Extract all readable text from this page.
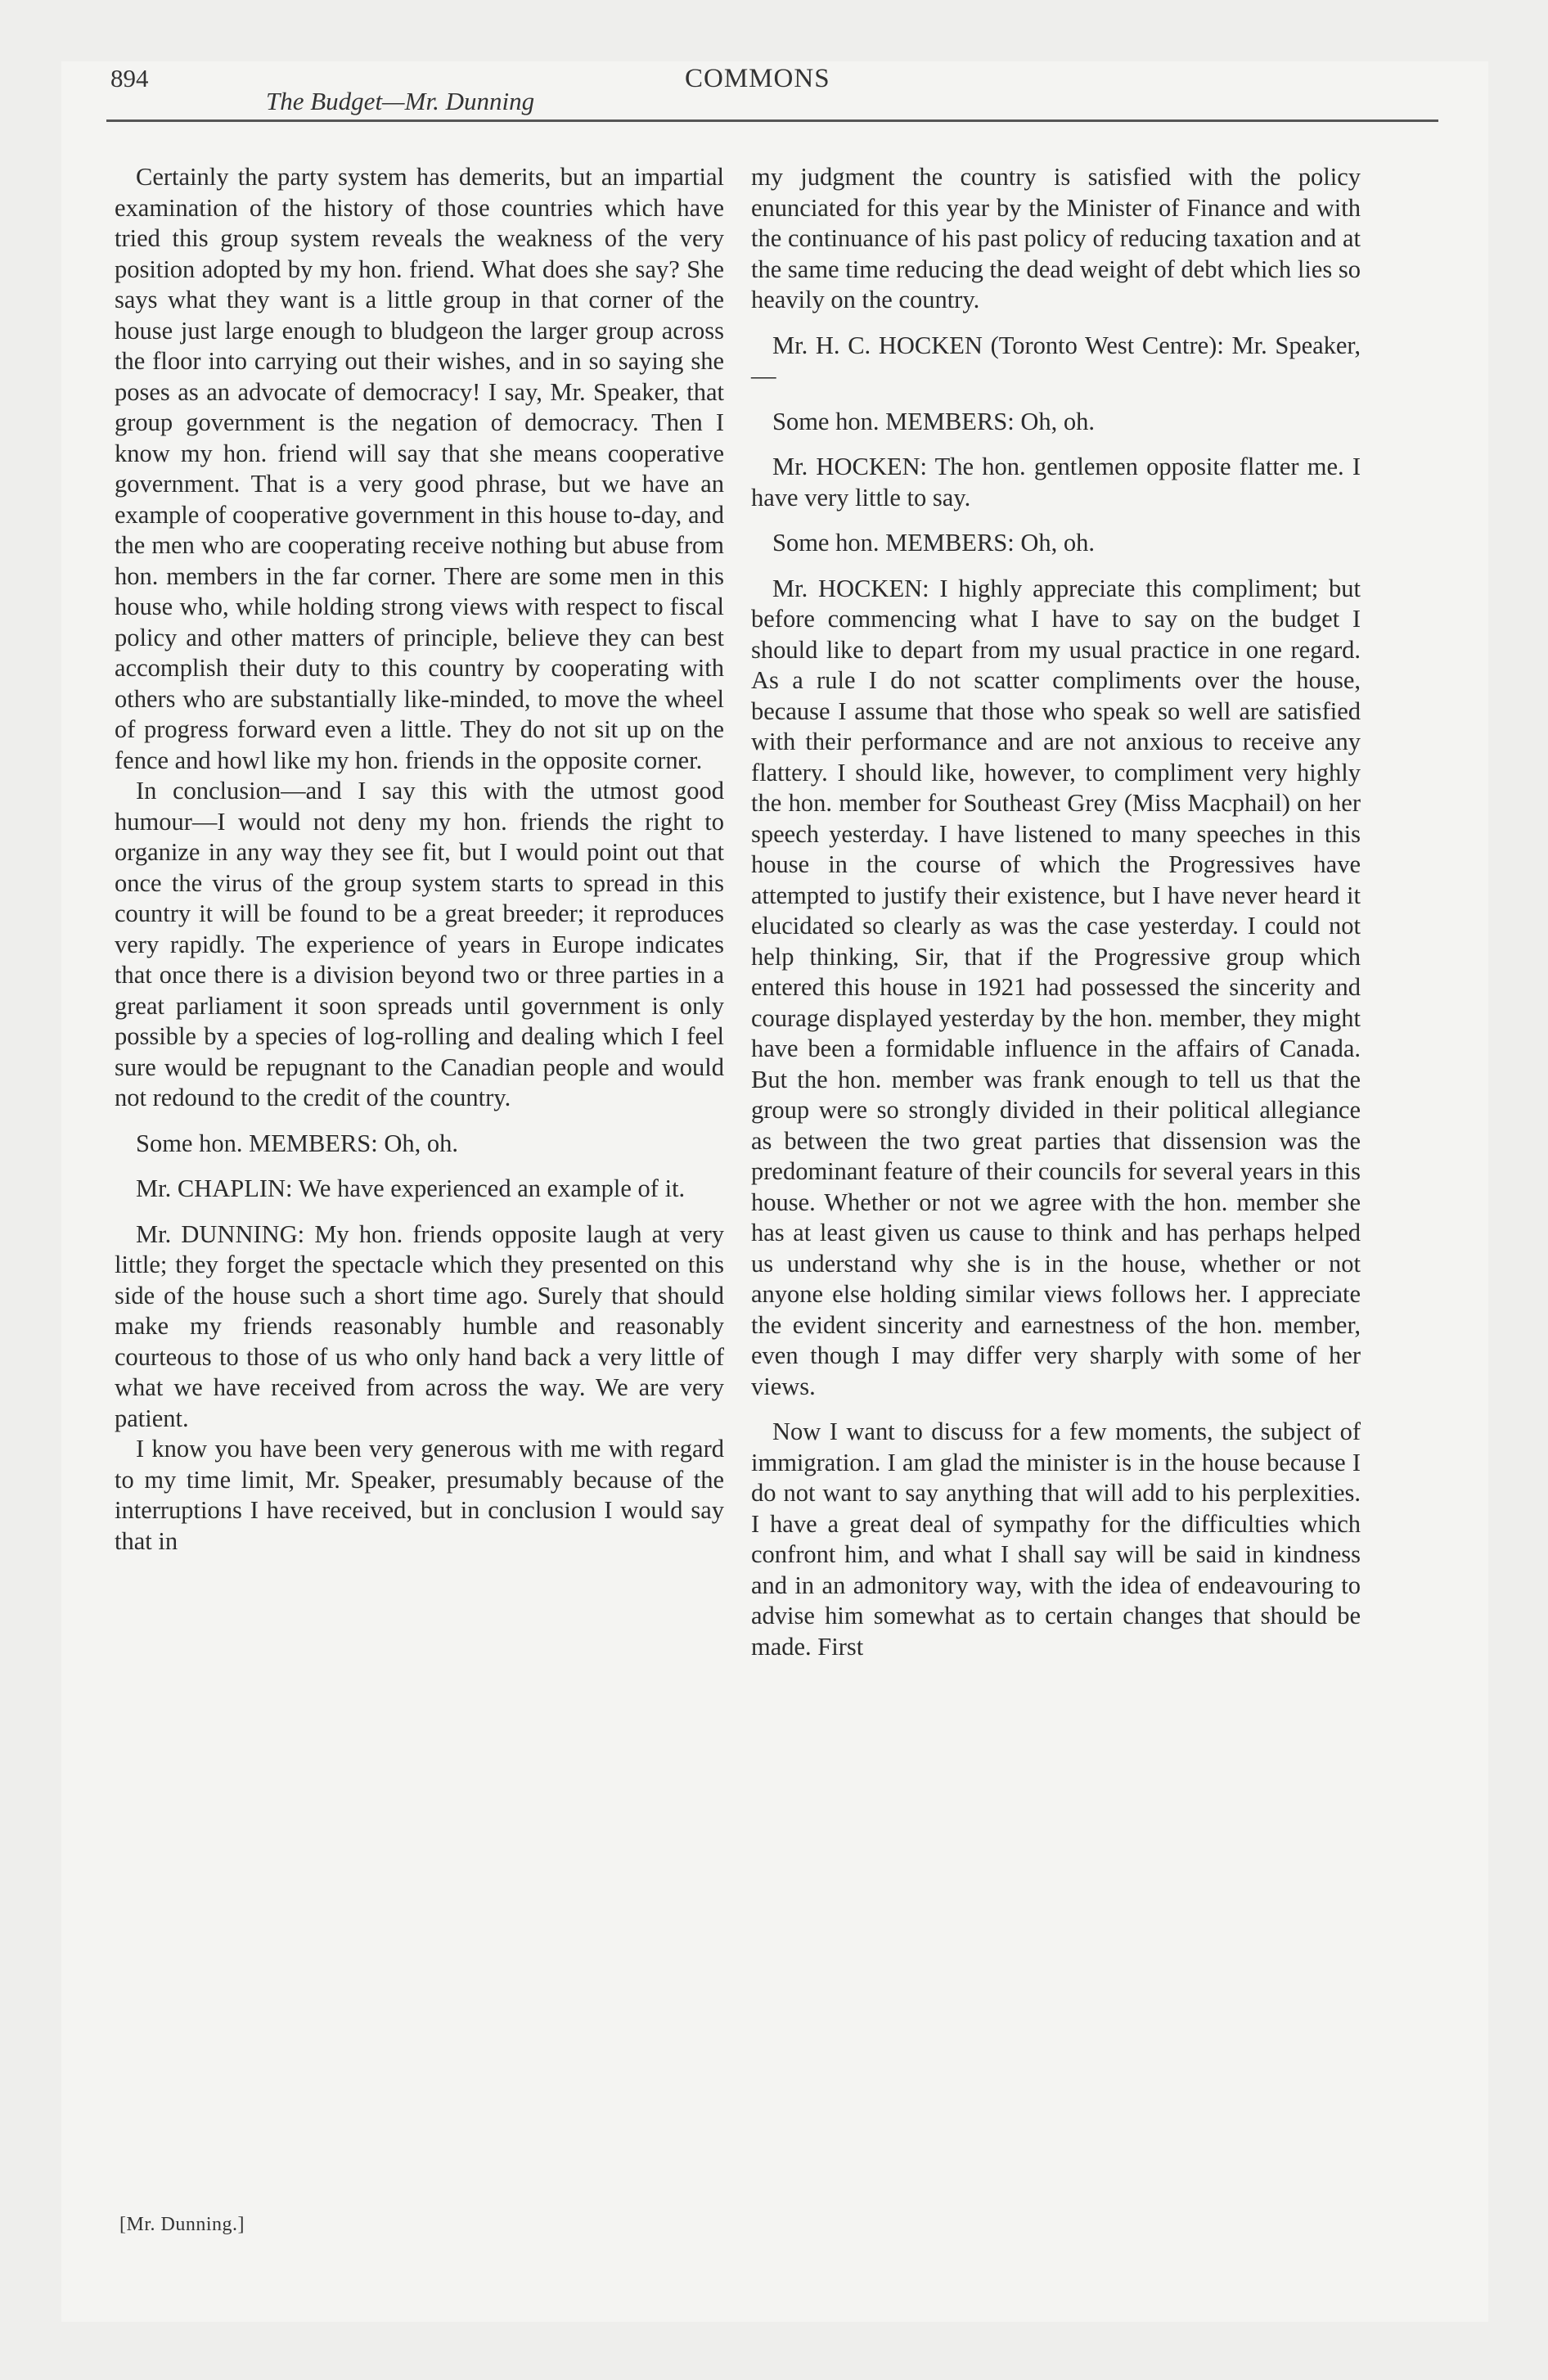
894
The Budget—Mr. Dunning
COMMONS

Certainly the party system has demerits, but an impartial examination of the history of those countries which have tried this group system reveals the weakness of the very position adopted by my hon. friend. What does she say? She says what they want is a little group in that corner of the house just large enough to bludgeon the larger group across the floor into carrying out their wishes, and in so saying she poses as an advocate of democracy! I say, Mr. Speaker, that group government is the negation of democracy. Then I know my hon. friend will say that she means cooperative government. That is a very good phrase, but we have an example of cooperative government in this house to-day, and the men who are cooperating receive nothing but abuse from hon. members in the far corner. There are some men in this house who, while holding strong views with respect to fiscal policy and other matters of principle, believe they can best accomplish their duty to this country by cooperating with others who are substantially like-minded, to move the wheel of progress forward even a little. They do not sit up on the fence and howl like my hon. friends in the opposite corner.

In conclusion—and I say this with the utmost good humour—I would not deny my hon. friends the right to organize in any way they see fit, but I would point out that once the virus of the group system starts to spread in this country it will be found to be a great breeder; it reproduces very rapidly. The experience of years in Europe indicates that once there is a division beyond two or three parties in a great parliament it soon spreads until government is only possible by a species of log-rolling and dealing which I feel sure would be repugnant to the Canadian people and would not redound to the credit of the country.

Some hon. MEMBERS: Oh, oh.

Mr. CHAPLIN: We have experienced an example of it.

Mr. DUNNING: My hon. friends opposite laugh at very little; they forget the spectacle which they presented on this side of the house such a short time ago. Surely that should make my friends reasonably humble and reasonably courteous to those of us who only hand back a very little of what we have received from across the way. We are very patient.

I know you have been very generous with me with regard to my time limit, Mr. Speaker, presumably because of the interruptions I have received, but in conclusion I would say that in

my judgment the country is satisfied with the policy enunciated for this year by the Minister of Finance and with the continuance of his past policy of reducing taxation and at the same time reducing the dead weight of debt which lies so heavily on the country.

Mr. H. C. HOCKEN (Toronto West Centre): Mr. Speaker,—

Some hon. MEMBERS: Oh, oh.

Mr. HOCKEN: The hon. gentlemen opposite flatter me. I have very little to say.

Some hon. MEMBERS: Oh, oh.

Mr. HOCKEN: I highly appreciate this compliment; but before commencing what I have to say on the budget I should like to depart from my usual practice in one regard. As a rule I do not scatter compliments over the house, because I assume that those who speak so well are satisfied with their performance and are not anxious to receive any flattery. I should like, however, to compliment very highly the hon. member for Southeast Grey (Miss Macphail) on her speech yesterday. I have listened to many speeches in this house in the course of which the Progressives have attempted to justify their existence, but I have never heard it elucidated so clearly as was the case yesterday. I could not help thinking, Sir, that if the Progressive group which entered this house in 1921 had possessed the sincerity and courage displayed yesterday by the hon. member, they might have been a formidable influence in the affairs of Canada. But the hon. member was frank enough to tell us that the group were so strongly divided in their political allegiance as between the two great parties that dissension was the predominant feature of their councils for several years in this house. Whether or not we agree with the hon. member she has at least given us cause to think and has perhaps helped us understand why she is in the house, whether or not anyone else holding similar views follows her. I appreciate the evident sincerity and earnestness of the hon. member, even though I may differ very sharply with some of her views.

Now I want to discuss for a few moments, the subject of immigration. I am glad the minister is in the house because I do not want to say anything that will add to his perplexities. I have a great deal of sympathy for the difficulties which confront him, and what I shall say will be said in kindness and in an admonitory way, with the idea of endeavouring to advise him somewhat as to certain changes that should be made. First

[Mr. Dunning.]
